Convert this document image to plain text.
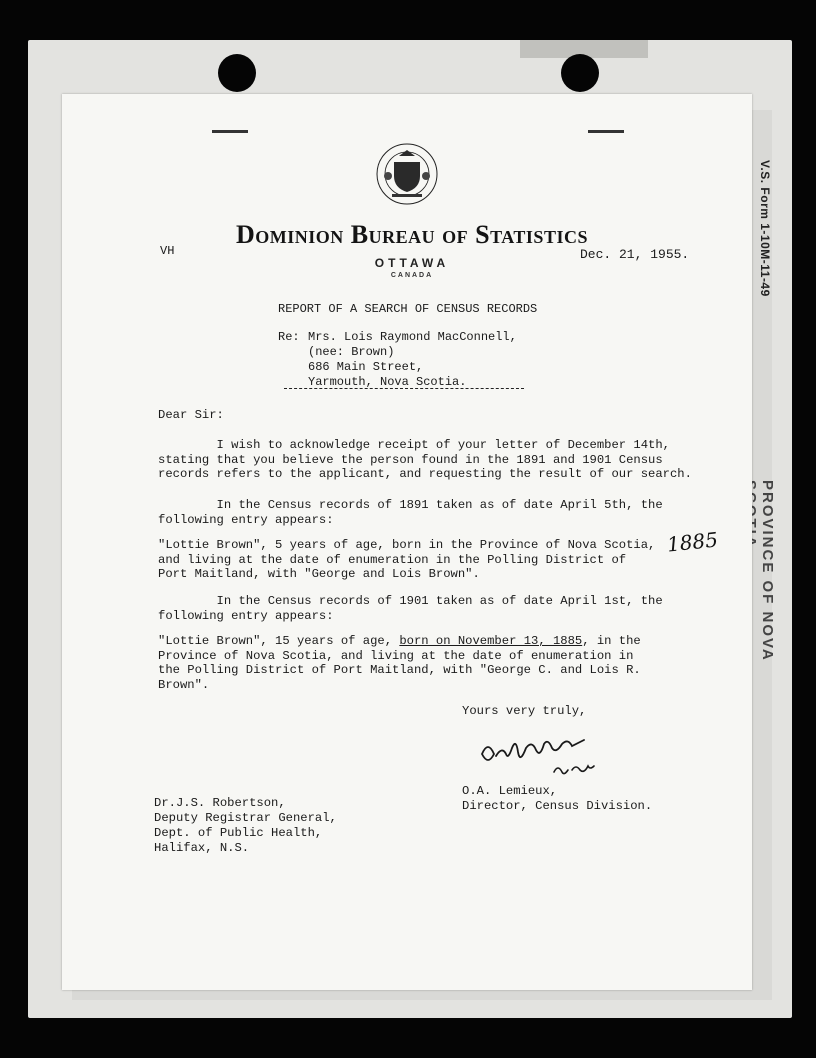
V.S. Form 1-10M-11-49
PROVINCE OF NOVA
Dominion Bureau of Statistics
OTTAWA
CANADA
VH	Dec. 21, 1955.
REPORT OF A SEARCH OF CENSUS RECORDS
Re: Mrs. Lois Raymond MacConnell,
(nee: Brown)
686 Main Street,
Yarmouth, Nova Scotia.
Dear Sir:
I wish to acknowledge receipt of your letter of December 14th,
stating that you believe the person found in the 1891 and 1901 Census
records refers to the applicant, and requesting the result of our search.
In the Census records of 1891 taken as of date April 5th, the
following entry appears:
"Lottie Brown", 5 years of age, born in the Province of Nova Scotia,
and living at the date of enumeration in the Polling District of
Port Maitland, with "George and Lois Brown".
1885
In the Census records of 1901 taken as of date April 1st, the
following entry appears:
"Lottie Brown", 15 years of age, born on November 13, 1885, in the
Province of Nova Scotia, and living at the date of enumeration in
the Polling District of Port Maitland, with "George C. and Lois R.
Brown".
Yours very truly,
O.A. Lemieux,
Director, Census Division.
Dr.J.S. Robertson,
Deputy Registrar General,
Dept. of Public Health,
Halifax, N.S.
